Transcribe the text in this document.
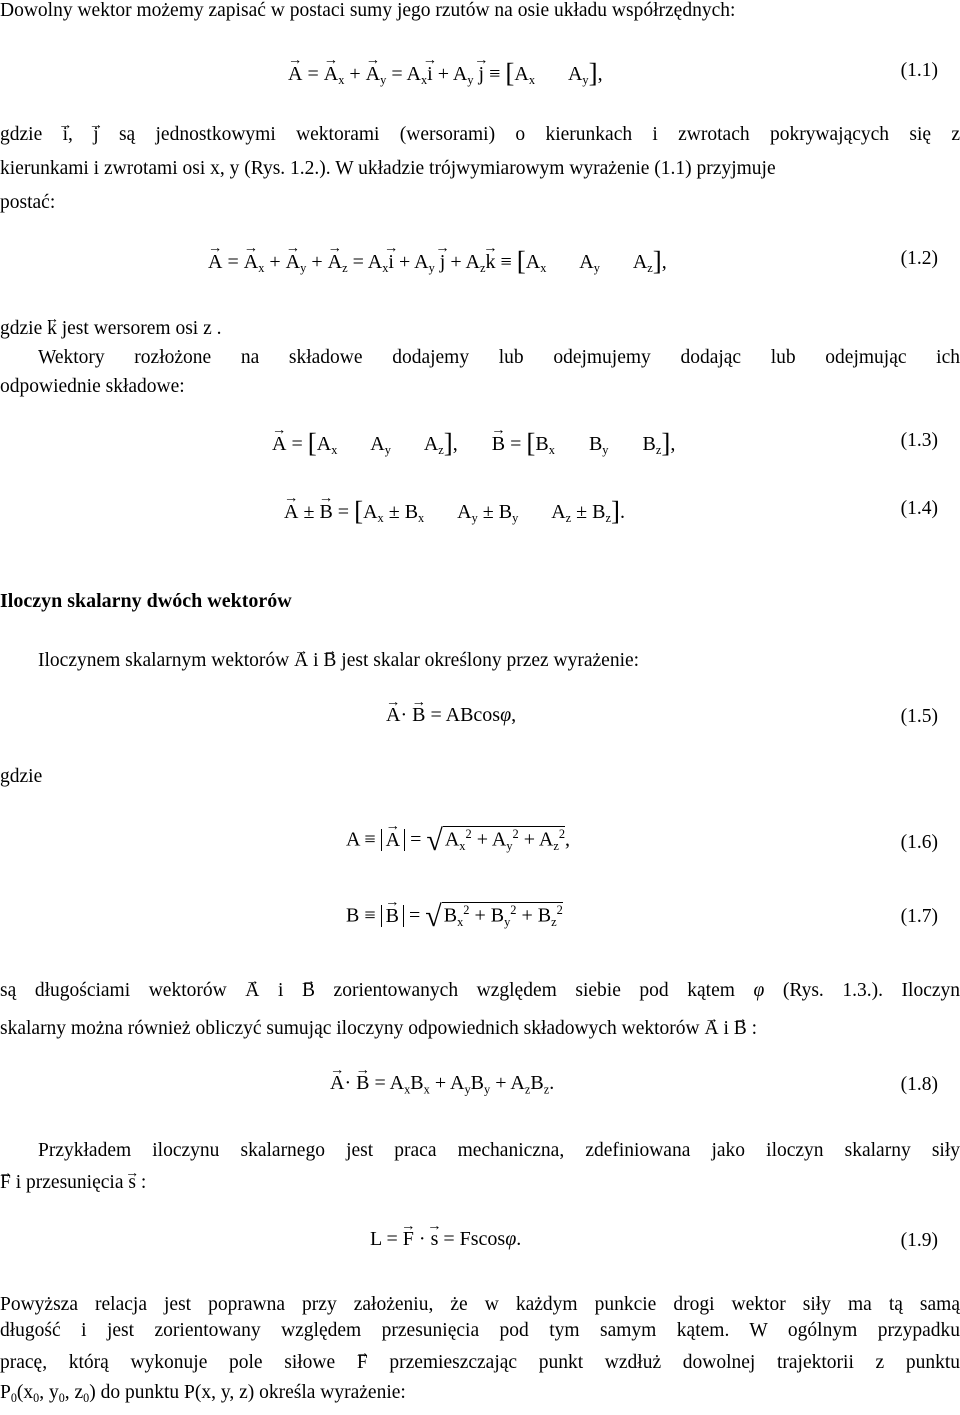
Dowolny wektor możemy zapisać w postaci sumy jego rzutów na osie układu współrzędnych:
→ A = → $A_x$ + → $A_y = A_x\to i + A_y \to j \equiv [A_x$  $A_y$],	(1.1)
gdzie → i, → j są jednostkowymi wektorami (wersorami) o kierunkach i zwrotach pokrywających się z
kierunkami i zwrotami osi x, y (Rys. 1.2.). W układzie trójwymiarowym wyrażenie (1.1) przyjmuje
postać:
→ A = → $A_x$ + → $A_y$ + → $A_z = A_x\to i + A_y \to j + A_z\to k \equiv [A_x$  $A_y$  $A_z$],	(1.2)
gdzie → k jest wersorem osi z .
Wektory rozłożone na składowe dodajemy lub odejmujemy dodając lub odejmując ich
odpowiednie składowe:
→ $A = [A_x$  $A_y$  $A_z$],  → $B = [B_x$  $B_y$  $B_z$],	(1.3)
→ A ± → $B = [A_x \pm B_x$  $A_y \pm B_y$  $A_z \pm B_z$].	(1.4)
Iloczyn skalarny dwóch wektorów
Iloczynem skalarnym wektorów → A i → B jest skalar określony przez wyrażenie:
→ A· → B = ABcosφ,	(1.5)
gdzie
A ≡ → A = √ $A_x^2 + A_y^2 + A_z^2$,	(1.6)
B ≡ → B = √ $B_x^2 + B_y^2 + B_z^2$	(1.7)
są długościami wektorów → A i → B zorientowanych względem siebie pod kątem φ (Rys. 1.3.). Iloczyn
skalarny można również obliczyć sumując iloczyny odpowiednich składowych wektorów → A i → B :
→ $A\cdot \to B = A_xB_x + A_yB_y + A_zB_z$.	(1.8)
Przykładem iloczynu skalarnego jest praca mechaniczna, zdefiniowana jako iloczyn skalarny siły
→ F i przesunięcia → s :
L = → F · → s = Fscosφ.	(1.9)
Powyższa relacja jest poprawna przy założeniu, że w każdym punkcie drogi wektor siły ma tą samą
długość i jest zorientowany względem przesunięcia pod tym samym kątem. W ogólnym przypadku
pracę, którą wykonuje pole siłowe → F przemieszczając punkt wzdłuż dowolnej trajektorii z punktu
$P_0(x_0$, $y_0$, $z_0$) do punktu P(x, y, z) określa wyrażenie:
